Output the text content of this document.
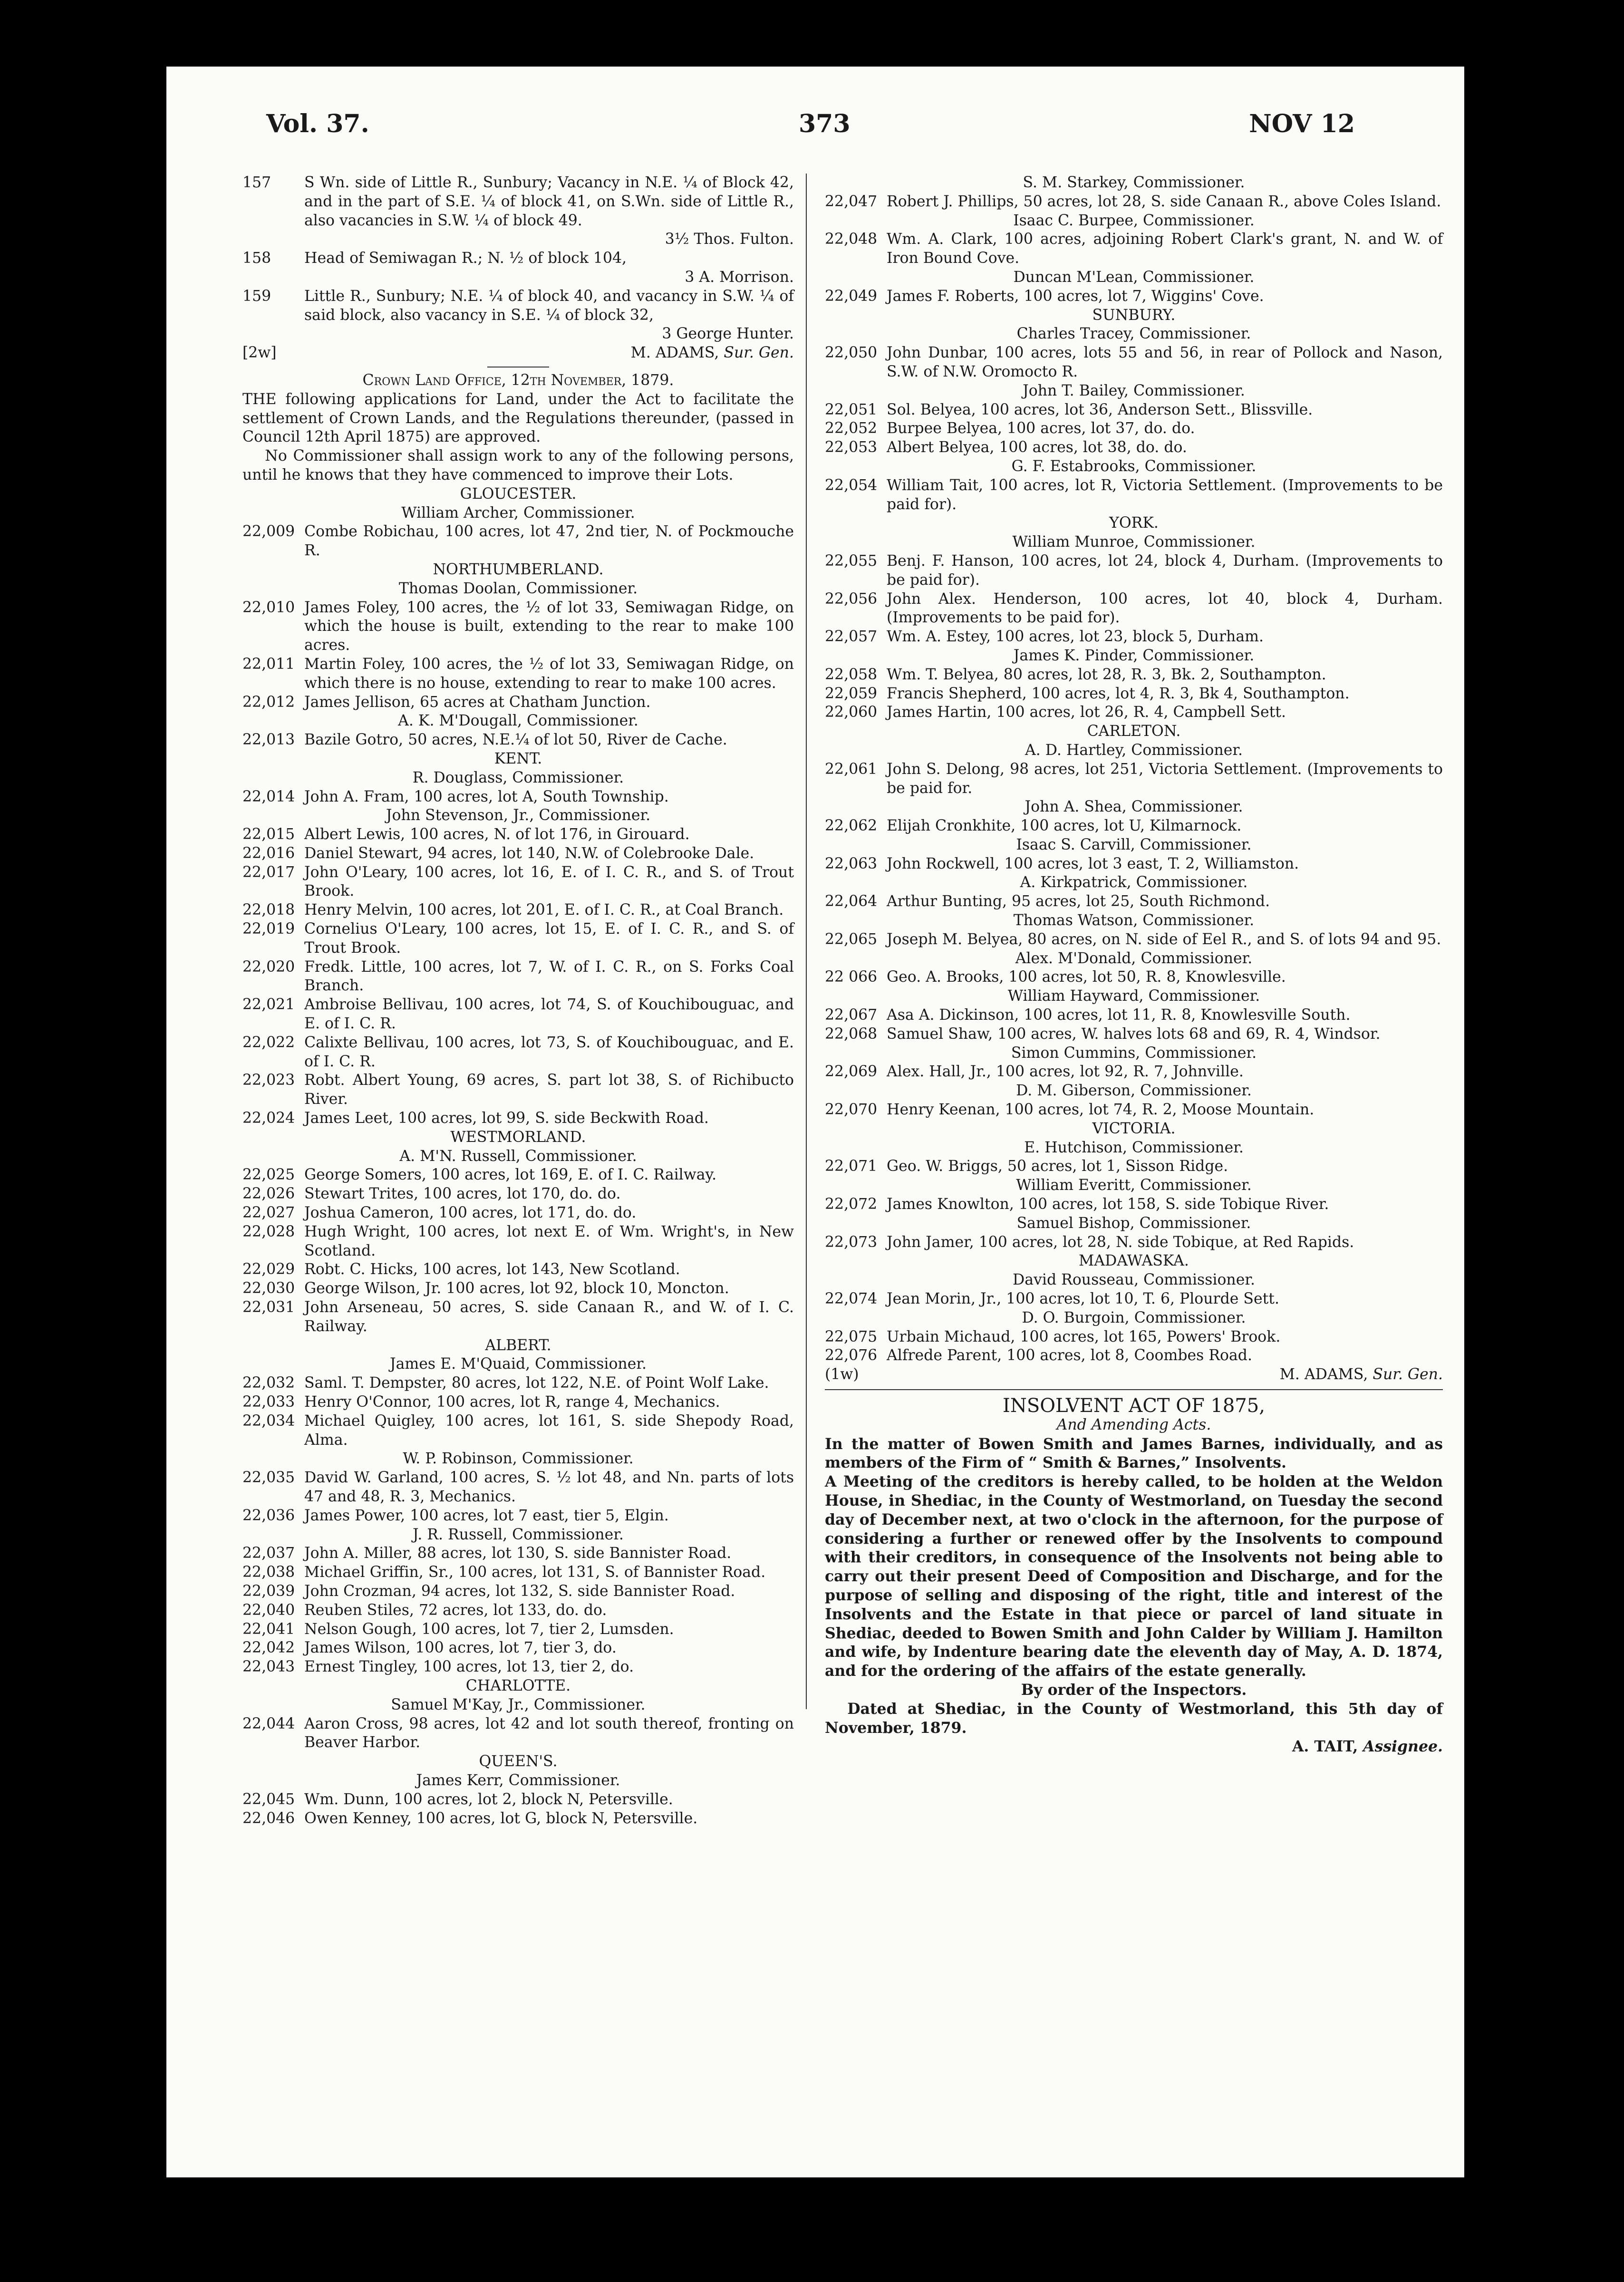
Vol. 37.	373	NOV 12
157	S Wn. side of Little R., Sunbury; Vacancy in N.E. ¼ of Block 42, and in the part of S.E. ¼ of block 41, on S.Wn. side of Little R., also vacancies in S.W. ¼ of block 49.
3½ Thos. Fulton.
158	Head of Semiwagan R.; N. ½ of block 104,
3 A. Morrison.
159	Little R., Sunbury; N.E. ¼ of block 40, and vacancy in S.W. ¼ of said block, also vacancy in S.E. ¼ of block 32,
3 George Hunter.
[2w]	M. ADAMS, Sur. Gen.
Crown Land Office, 12th November, 1879.
THE following applications for Land, under the Act to facilitate the settlement of Crown Lands, and the Regulations thereunder, (passed in Council 12th April 1875) are approved.
No Commissioner shall assign work to any of the following persons, until he knows that they have commenced to improve their Lots.
GLOUCESTER.
William Archer, Commissioner.
22,009 Combe Robichau, 100 acres, lot 47, 2nd tier, N. of Pockmouche R.
NORTHUMBERLAND.
Thomas Doolan, Commissioner.
22,010 James Foley, 100 acres, the ½ of lot 33, Semiwagan Ridge, on which the house is built, extending to the rear to make 100 acres.
22,011 Martin Foley, 100 acres, the ½ of lot 33, Semiwagan Ridge, on which there is no house, extending to rear to make 100 acres.
22,012 James Jellison, 65 acres at Chatham Junction.
A. K. M'Dougall, Commissioner.
22,013 Bazile Gotro, 50 acres, N.E.¼ of lot 50, River de Cache.
KENT.
R. Douglass, Commissioner.
22,014 John A. Fram, 100 acres, lot A, South Township.
John Stevenson, Jr., Commissioner.
22,015 Albert Lewis, 100 acres, N. of lot 176, in Girouard.
22,016 Daniel Stewart, 94 acres, lot 140, N.W. of Colebrooke Dale.
22,017 John O'Leary, 100 acres, lot 16, E. of I. C. R., and S. of Trout Brook.
22,018 Henry Melvin, 100 acres, lot 201, E. of I. C. R., at Coal Branch.
22,019 Cornelius O'Leary, 100 acres, lot 15, E. of I. C. R., and S. of Trout Brook.
22,020 Fredk. Little, 100 acres, lot 7, W. of I. C. R., on S. Forks Coal Branch.
22,021 Ambroise Bellivau, 100 acres, lot 74, S. of Kouchibouguac, and E. of I. C. R.
22,022 Calixte Bellivau, 100 acres, lot 73, S. of Kouchibouguac, and E. of I. C. R.
22,023 Robt. Albert Young, 69 acres, S. part lot 38, S. of Richibucto River.
22,024 James Leet, 100 acres, lot 99, S. side Beckwith Road.
WESTMORLAND.
A. M'N. Russell, Commissioner.
22,025 George Somers, 100 acres, lot 169, E. of I. C. Railway.
22,026 Stewart Trites, 100 acres, lot 170, do. do.
22,027 Joshua Cameron, 100 acres, lot 171, do. do.
22,028 Hugh Wright, 100 acres, lot next E. of Wm. Wright's, in New Scotland.
22,029 Robt. C. Hicks, 100 acres, lot 143, New Scotland.
22,030 George Wilson, Jr. 100 acres, lot 92, block 10, Moncton.
22,031 John Arseneau, 50 acres, S. side Canaan R., and W. of I. C. Railway.
ALBERT.
James E. M'Quaid, Commissioner.
22,032 Saml. T. Dempster, 80 acres, lot 122, N.E. of Point Wolf Lake.
22,033 Henry O'Connor, 100 acres, lot R, range 4, Mechanics.
22,034 Michael Quigley, 100 acres, lot 161, S. side Shepody Road, Alma.
W. P. Robinson, Commissioner.
22,035 David W. Garland, 100 acres, S. ½ lot 48, and Nn. parts of lots 47 and 48, R. 3, Mechanics.
22,036 James Power, 100 acres, lot 7 east, tier 5, Elgin.
J. R. Russell, Commissioner.
22,037 John A. Miller, 88 acres, lot 130, S. side Bannister Road.
22,038 Michael Griffin, Sr., 100 acres, lot 131, S. of Bannister Road.
22,039 John Crozman, 94 acres, lot 132, S. side Bannister Road.
22,040 Reuben Stiles, 72 acres, lot 133, do. do.
22,041 Nelson Gough, 100 acres, lot 7, tier 2, Lumsden.
22,042 James Wilson, 100 acres, lot 7, tier 3, do.
22,043 Ernest Tingley, 100 acres, lot 13, tier 2, do.
CHARLOTTE.
Samuel M'Kay, Jr., Commissioner.
22,044 Aaron Cross, 98 acres, lot 42 and lot south thereof, fronting on Beaver Harbor.
QUEEN'S.
James Kerr, Commissioner.
22,045 Wm. Dunn, 100 acres, lot 2, block N, Petersville.
22,046 Owen Kenney, 100 acres, lot G, block N, Petersville.
S. M. Starkey, Commissioner.
22,047 Robert J. Phillips, 50 acres, lot 28, S. side Canaan R., above Coles Island.
Isaac C. Burpee, Commissioner.
22,048 Wm. A. Clark, 100 acres, adjoining Robert Clark's grant, N. and W. of Iron Bound Cove.
Duncan M'Lean, Commissioner.
22,049 James F. Roberts, 100 acres, lot 7, Wiggins' Cove.
SUNBURY.
Charles Tracey, Commissioner.
22,050 John Dunbar, 100 acres, lots 55 and 56, in rear of Pollock and Nason, S.W. of N.W. Oromocto R.
John T. Bailey, Commissioner.
22,051 Sol. Belyea, 100 acres, lot 36, Anderson Sett., Blissville.
22,052 Burpee Belyea, 100 acres, lot 37, do. do.
22,053 Albert Belyea, 100 acres, lot 38, do. do.
G. F. Estabrooks, Commissioner.
22,054 William Tait, 100 acres, lot R, Victoria Settlement. (Improvements to be paid for).
YORK.
William Munroe, Commissioner.
22,055 Benj. F. Hanson, 100 acres, lot 24, block 4, Durham. (Improvements to be paid for).
22,056 John Alex. Henderson, 100 acres, lot 40, block 4, Durham. (Improvements to be paid for).
22,057 Wm. A. Estey, 100 acres, lot 23, block 5, Durham.
James K. Pinder, Commissioner.
22,058 Wm. T. Belyea, 80 acres, lot 28, R. 3, Bk. 2, Southampton.
22,059 Francis Shepherd, 100 acres, lot 4, R. 3, Bk 4, Southampton.
22,060 James Hartin, 100 acres, lot 26, R. 4, Campbell Sett.
CARLETON.
A. D. Hartley, Commissioner.
22,061 John S. Delong, 98 acres, lot 251, Victoria Settlement. (Improvements to be paid for.
John A. Shea, Commissioner.
22,062 Elijah Cronkhite, 100 acres, lot U, Kilmarnock.
Isaac S. Carvill, Commissioner.
22,063 John Rockwell, 100 acres, lot 3 east, T. 2, Williamston.
A. Kirkpatrick, Commissioner.
22,064 Arthur Bunting, 95 acres, lot 25, South Richmond.
Thomas Watson, Commissioner.
22,065 Joseph M. Belyea, 80 acres, on N. side of Eel R., and S. of lots 94 and 95.
Alex. M'Donald, Commissioner.
22 066 Geo. A. Brooks, 100 acres, lot 50, R. 8, Knowlesville.
William Hayward, Commissioner.
22,067 Asa A. Dickinson, 100 acres, lot 11, R. 8, Knowlesville South.
22,068 Samuel Shaw, 100 acres, W. halves lots 68 and 69, R. 4, Windsor.
Simon Cummins, Commissioner.
22,069 Alex. Hall, Jr., 100 acres, lot 92, R. 7, Johnville.
D. M. Giberson, Commissioner.
22,070 Henry Keenan, 100 acres, lot 74, R. 2, Moose Mountain.
VICTORIA.
E. Hutchison, Commissioner.
22,071 Geo. W. Briggs, 50 acres, lot 1, Sisson Ridge.
William Everitt, Commissioner.
22,072 James Knowlton, 100 acres, lot 158, S. side Tobique River.
Samuel Bishop, Commissioner.
22,073 John Jamer, 100 acres, lot 28, N. side Tobique, at Red Rapids.
MADAWASKA.
David Rousseau, Commissioner.
22,074 Jean Morin, Jr., 100 acres, lot 10, T. 6, Plourde Sett.
D. O. Burgoin, Commissioner.
22,075 Urbain Michaud, 100 acres, lot 165, Powers' Brook.
22,076 Alfrede Parent, 100 acres, lot 8, Coombes Road.
(1w)	M. ADAMS, Sur. Gen.
INSOLVENT ACT OF 1875,
And Amending Acts.
In the matter of Bowen Smith and James Barnes, individually, and as members of the Firm of “ Smith & Barnes,” Insolvents.
A Meeting of the creditors is hereby called, to be holden at the Weldon House, in Shediac, in the County of Westmorland, on Tuesday the second day of December next, at two o'clock in the afternoon, for the purpose of considering a further or renewed offer by the Insolvents to compound with their creditors, in consequence of the Insolvents not being able to carry out their present Deed of Composition and Discharge, and for the purpose of selling and disposing of the right, title and interest of the Insolvents and the Estate in that piece or parcel of land situate in Shediac, deeded to Bowen Smith and John Calder by William J. Hamilton and wife, by Indenture bearing date the eleventh day of May, A. D. 1874, and for the ordering of the affairs of the estate generally.
By order of the Inspectors.
Dated at Shediac, in the County of Westmorland, this 5th day of November, 1879.
A. TAIT, Assignee.
